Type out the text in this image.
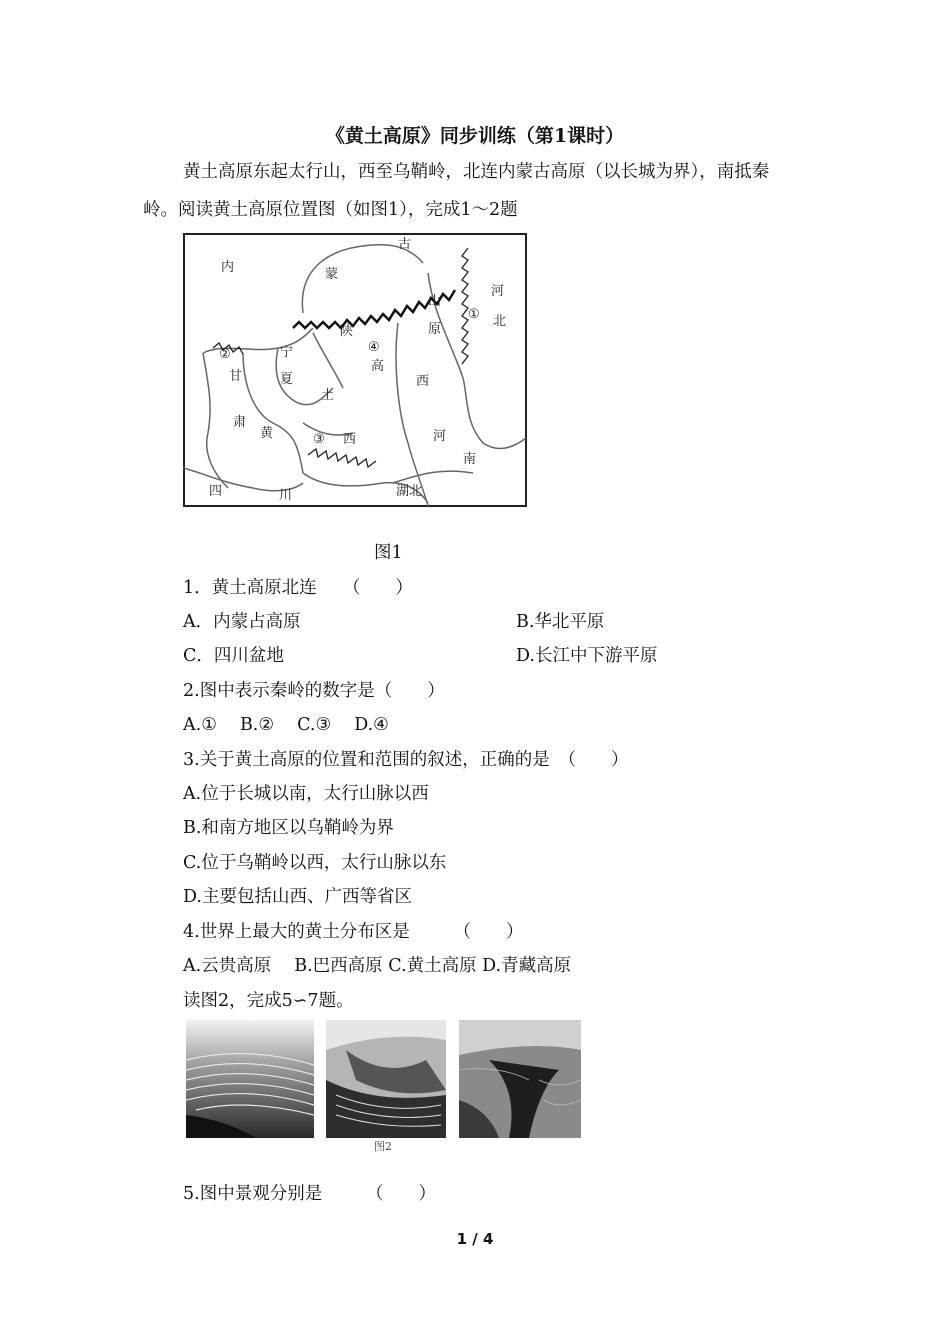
《黄土高原》同步训练（第1课时）
黄土高原东起太行山，西至乌鞘岭，北连内蒙古高原（以长城为界），南抵秦
岭。阅读黄土高原位置图（如图1），完成1～2题
内	蒙
古
山
原
河
北
①
②	宁
夏
甘
陕
④
高
西
土
肃
黄	③ 西	河
南
四	川	湖北
图1
1．黄土高原北连　　（　　）
A．内蒙占高原	B.华北平原
C．四川盆地	D.长江中下游平原
2.图中表示秦岭的数字是（　　）
A.①　 B.②　 C.③　 D.④
3.关于黄土高原的位置和范围的叙述，正确的是　（　　）
A.位于长城以南，太行山脉以西
B.和南方地区以乌鞘岭为界
C.位于乌鞘岭以西，太行山脉以东
D.主要包括山西、广西等省区
4.世界上最大的黄土分布区是　　　（　　）
A.云贵高原　 B.巴西高原 C.黄土高原 D.青藏高原
读图2，完成5∽7题。
图2
5.图中景观分别是　　　（　　）
1 / 4
